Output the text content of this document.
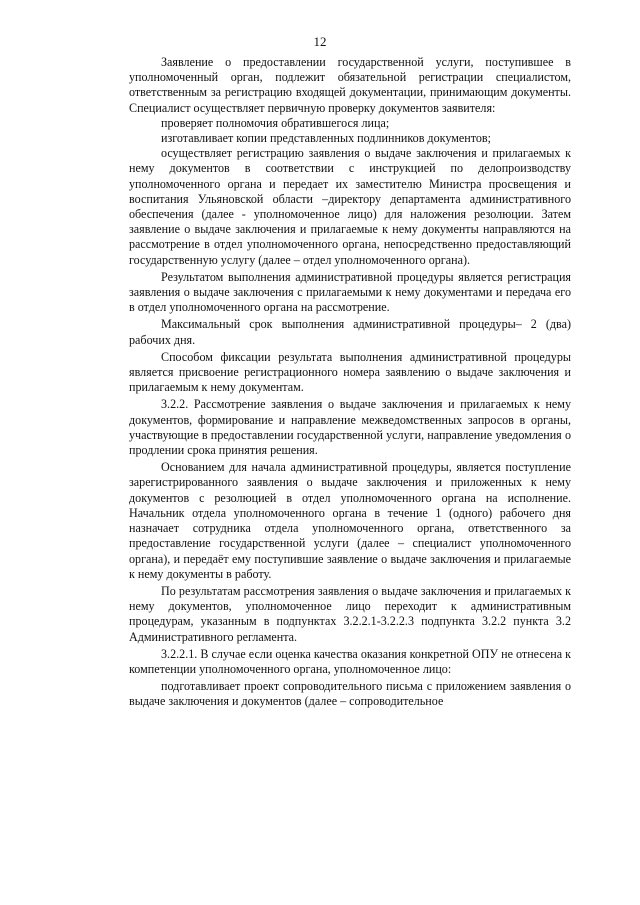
12

Заявление о предоставлении государственной услуги, поступившее в уполномоченный орган, подлежит обязательной регистрации специалистом, ответственным за регистрацию входящей документации, принимающим документы. Специалист осуществляет первичную проверку документов заявителя:

проверяет полномочия обратившегося лица;

изготавливает копии представленных подлинников документов;

осуществляет регистрацию заявления о выдаче заключения и прилагаемых к нему документов в соответствии с инструкцией по делопроизводству уполномоченного органа и передает их заместителю Министра просвещения и воспитания Ульяновской области –директору департамента административного обеспечения (далее - уполномоченное лицо) для наложения резолюции. Затем заявление о выдаче заключения и прилагаемые к нему документы направляются на рассмотрение в отдел уполномоченного органа, непосредственно предоставляющий государственную услугу (далее – отдел уполномоченного органа).

Результатом выполнения административной процедуры является регистрация заявления о выдаче заключения с прилагаемыми к нему документами и передача его в отдел уполномоченного органа на рассмотрение.

Максимальный срок выполнения административной процедуры– 2 (два) рабочих дня.

Способом фиксации результата выполнения административной процедуры является присвоение регистрационного номера заявлению о выдаче заключения и прилагаемым к нему документам.

3.2.2. Рассмотрение заявления о выдаче заключения и прилагаемых к нему документов, формирование и направление межведомственных запросов в органы, участвующие в предоставлении государственной услуги, направление уведомления о продлении срока принятия решения.

Основанием для начала административной процедуры, является поступление зарегистрированного заявления о выдаче заключения и приложенных к нему документов с резолюцией в отдел уполномоченного органа на исполнение. Начальник отдела уполномоченного органа в течение 1 (одного) рабочего дня назначает сотрудника отдела уполномоченного органа, ответственного за предоставление государственной услуги (далее – специалист уполномоченного органа), и передаёт ему поступившие заявление о выдаче заключения и прилагаемые к нему документы в работу.

По результатам рассмотрения заявления о выдаче заключения и прилагаемых к нему документов, уполномоченное лицо переходит к административным процедурам, указанным в подпунктах 3.2.2.1-3.2.2.3 подпункта 3.2.2 пункта 3.2 Административного регламента.

3.2.2.1. В случае если оценка качества оказания конкретной ОПУ не отнесена к компетенции уполномоченного органа, уполномоченное лицо:

подготавливает проект сопроводительного письма с приложением заявления о выдаче заключения и документов (далее – сопроводительное
